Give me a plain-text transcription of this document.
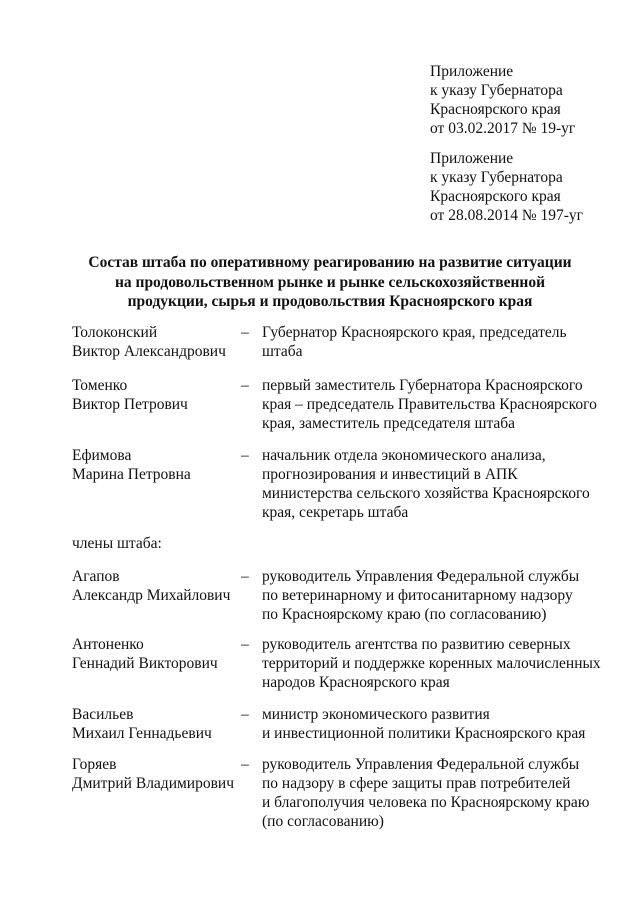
Приложение
к указу Губернатора
Красноярского края
от 03.02.2017 № 19-уг
Приложение
к указу Губернатора
Красноярского края
от 28.08.2014 № 197-уг
Состав штаба по оперативному реагированию на развитие ситуации
на продовольственном рынке и рынке сельскохозяйственной
продукции, сырья и продовольствия Красноярского края
Толоконский
Виктор Александрович
– Губернатор Красноярского края, председатель
штаба
Томенко
Виктор Петрович
– первый заместитель Губернатора Красноярского
края – председатель Правительства Красноярского
края, заместитель председателя штаба
Ефимова
Марина Петровна
– начальник отдела экономического анализа,
прогнозирования и инвестиций в АПК
министерства сельского хозяйства Красноярского
края, секретарь штаба
члены штаба:
Агапов
Александр Михайлович
– руководитель Управления Федеральной службы
по ветеринарному и фитосанитарному надзору
по Красноярскому краю (по согласованию)
Антоненко
Геннадий Викторович
– руководитель агентства по развитию северных
территорий и поддержке коренных малочисленных
народов Красноярского края
Васильев
Михаил Геннадьевич
– министр экономического развития
и инвестиционной политики Красноярского края
Горяев
Дмитрий Владимирович
– руководитель Управления Федеральной службы
по надзору в сфере защиты прав потребителей
и благополучия человека по Красноярскому краю
(по согласованию)
